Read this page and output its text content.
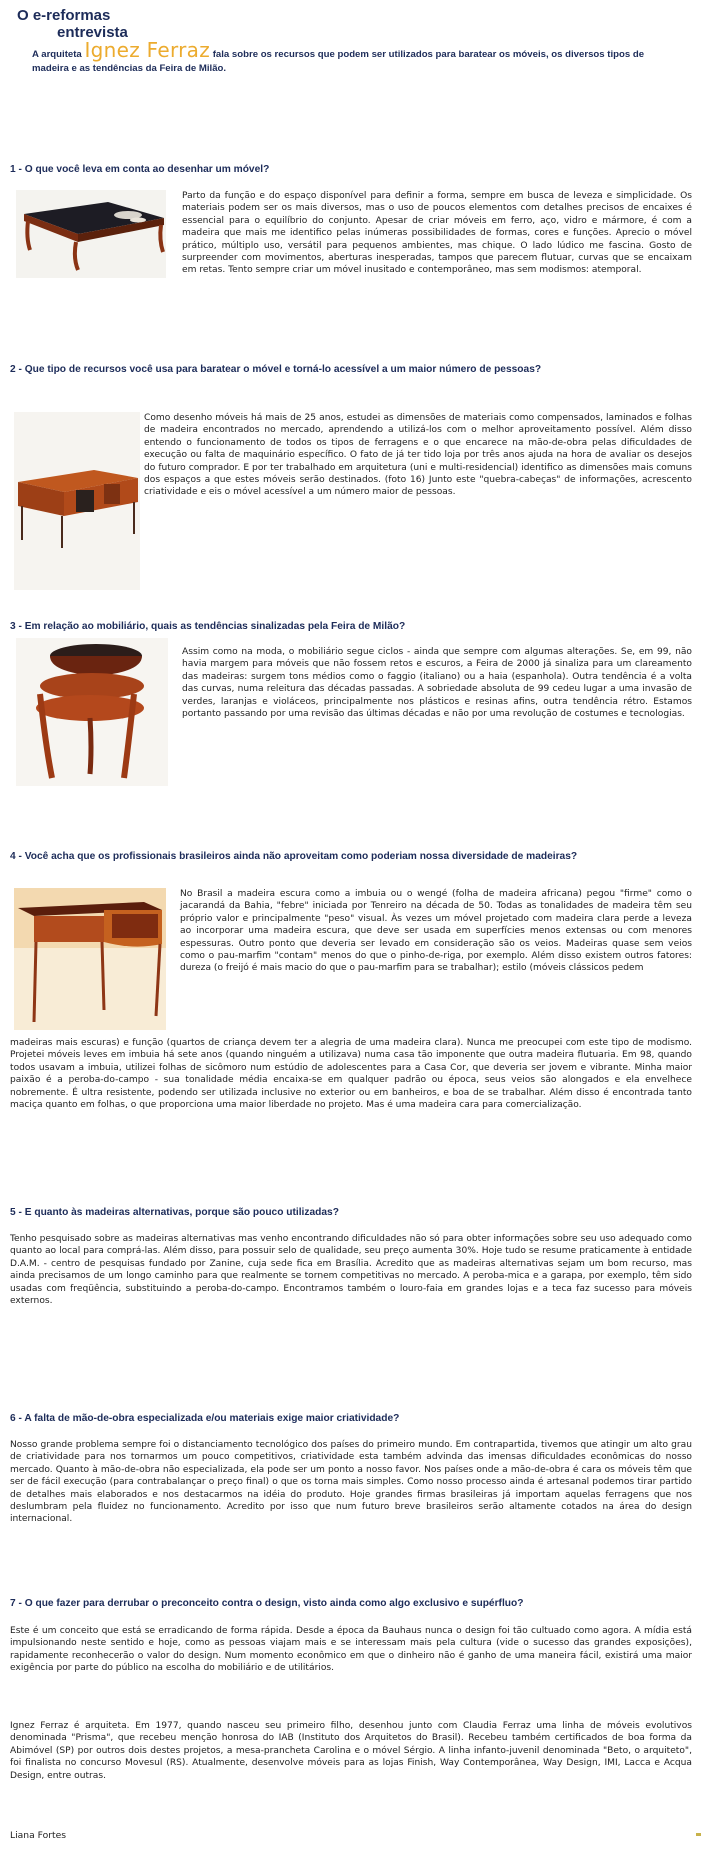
O e-reformas
entrevista
A arquiteta Ignez Ferraz fala sobre os recursos que podem ser utilizados para baratear os móveis, os diversos tipos de madeira e as tendências da Feira de Milão.
1 - O que você leva em conta ao desenhar um móvel?
Parto da função e do espaço disponível para definir a forma, sempre em busca de leveza e simplicidade. Os materiais podem ser os mais diversos, mas o uso de poucos elementos com detalhes precisos de encaixes é essencial para o equilíbrio do conjunto. Apesar de criar móveis em ferro, aço, vidro e mármore, é com a madeira que mais me identifico pelas inúmeras possibilidades de formas, cores e funções. Aprecio o móvel prático, múltiplo uso, versátil para pequenos ambientes, mas chique. O lado lúdico me fascina. Gosto de surpreender com movimentos, aberturas inesperadas, tampos que parecem flutuar, curvas que se encaixam em retas. Tento sempre criar um móvel inusitado e contemporâneo, mas sem modismos: atemporal.
2 - Que tipo de recursos você usa para baratear o móvel e torná-lo acessível a um maior número de pessoas?
Como desenho móveis há mais de 25 anos, estudei as dimensões de materiais como compensados, laminados e folhas de madeira encontrados no mercado, aprendendo a utilizá-los com o melhor aproveitamento possível. Além disso entendo o funcionamento de todos os tipos de ferragens e o que encarece na mão-de-obra pelas dificuldades de execução ou falta de maquinário específico. O fato de já ter tido loja por três anos ajuda na hora de avaliar os desejos do futuro comprador. E por ter trabalhado em arquitetura (uni e multi-residencial) identifico as dimensões mais comuns dos espaços a que estes móveis serão destinados. (foto 16) Junto este "quebra-cabeças" de informações, acrescento criatividade e eis o móvel acessível a um número maior de pessoas.
3 - Em relação ao mobiliário, quais as tendências sinalizadas pela Feira de Milão?
Assim como na moda, o mobiliário segue ciclos - ainda que sempre com algumas alterações. Se, em 99, não havia margem para móveis que não fossem retos e escuros, a Feira de 2000 já sinaliza para um clareamento das madeiras: surgem tons médios como o faggio (italiano) ou a haia (espanhola). Outra tendência é a volta das curvas, numa releitura das décadas passadas. A sobriedade absoluta de 99 cedeu lugar a uma invasão de verdes, laranjas e violáceos, principalmente nos plásticos e resinas afins, outra tendência rétro. Estamos portanto passando por uma revisão das últimas décadas e não por uma revolução de costumes e tecnologias.
4 - Você acha que os profissionais brasileiros ainda não aproveitam como poderiam nossa diversidade de madeiras?
No Brasil a madeira escura como a imbuia ou o wengé (folha de madeira africana) pegou "firme" como o jacarandá da Bahia, "febre" iniciada por Tenreiro na década de 50. Todas as tonalidades de madeira têm seu próprio valor e principalmente "peso" visual. Às vezes um móvel projetado com madeira clara perde a leveza ao incorporar uma madeira escura, que deve ser usada em superfícies menos extensas ou com menores espessuras. Outro ponto que deveria ser levado em consideração são os veios. Madeiras quase sem veios como o pau-marfim "contam" menos do que o pinho-de-riga, por exemplo. Além disso existem outros fatores: dureza (o freijó é mais macio do que o pau-marfim para se trabalhar); estilo (móveis clássicos pedem
madeiras mais escuras) e função (quartos de criança devem ter a alegria de uma madeira clara). Nunca me preocupei com este tipo de modismo. Projetei móveis leves em imbuia há sete anos (quando ninguém a utilizava) numa casa tão imponente que outra madeira flutuaria. Em 98, quando todos usavam a imbuia, utilizei folhas de sicômoro num estúdio de adolescentes para a Casa Cor, que deveria ser jovem e vibrante. Minha maior paixão é a peroba-do-campo - sua tonalidade média encaixa-se em qualquer padrão ou época, seus veios são alongados e ela envelhece nobremente. É ultra resistente, podendo ser utilizada inclusive no exterior ou em banheiros, e boa de se trabalhar. Além disso é encontrada tanto maciça quanto em folhas, o que proporciona uma maior liberdade no projeto. Mas é uma madeira cara para comercialização.
5 - E quanto às madeiras alternativas, porque são pouco utilizadas?
Tenho pesquisado sobre as madeiras alternativas mas venho encontrando dificuldades não só para obter informações sobre seu uso adequado como quanto ao local para comprá-las. Além disso, para possuir selo de qualidade, seu preço aumenta 30%. Hoje tudo se resume praticamente à entidade D.A.M. - centro de pesquisas fundado por Zanine, cuja sede fica em Brasília. Acredito que as madeiras alternativas sejam um bom recurso, mas ainda precisamos de um longo caminho para que realmente se tornem competitivas no mercado. A peroba-mica e a garapa, por exemplo, têm sido usadas com freqüência, substituindo a peroba-do-campo. Encontramos também o louro-faia em grandes lojas e a teca faz sucesso para móveis externos.
6 - A falta de mão-de-obra especializada e/ou materiais exige maior criatividade?
Nosso grande problema sempre foi o distanciamento tecnológico dos países do primeiro mundo. Em contrapartida, tivemos que atingir um alto grau de criatividade para nos tornarmos um pouco competitivos, criatividade esta também advinda das imensas dificuldades econômicas do nosso mercado. Quanto à mão-de-obra não especializada, ela pode ser um ponto a nosso favor. Nos países onde a mão-de-obra é cara os móveis têm que ser de fácil execução (para contrabalançar o preço final) o que os torna mais simples. Como nosso processo ainda é artesanal podemos tirar partido de detalhes mais elaborados e nos destacarmos na idéia do produto. Hoje grandes firmas brasileiras já importam aquelas ferragens que nos deslumbram pela fluidez no funcionamento. Acredito por isso que num futuro breve brasileiros serão altamente cotados na área do design internacional.
7 - O que fazer para derrubar o preconceito contra o design, visto ainda como algo exclusivo e supérfluo?
Este é um conceito que está se erradicando de forma rápida. Desde a época da Bauhaus nunca o design foi tão cultuado como agora. A mídia está impulsionando neste sentido e hoje, como as pessoas viajam mais e se interessam mais pela cultura (vide o sucesso das grandes exposições), rapidamente reconhecerão o valor do design. Num momento econômico em que o dinheiro não é ganho de uma maneira fácil, existirá uma maior exigência por parte do público na escolha do mobiliário e de utilitários.
Ignez Ferraz é arquiteta. Em 1977, quando nasceu seu primeiro filho, desenhou junto com Claudia Ferraz uma linha de móveis evolutivos denominada "Prisma", que recebeu menção honrosa do IAB (Instituto dos Arquitetos do Brasil). Recebeu também certificados de boa forma da Abimóvel (SP) por outros dois destes projetos, a mesa-prancheta Carolina e o móvel Sérgio. A linha infanto-juvenil denominada "Beto, o arquiteto", foi finalista no concurso Movesul (RS). Atualmente, desenvolve móveis para as lojas Finish, Way Contemporânea, Way Design, IMI, Lacca e Acqua Design, entre outras.
Liana Fortes
